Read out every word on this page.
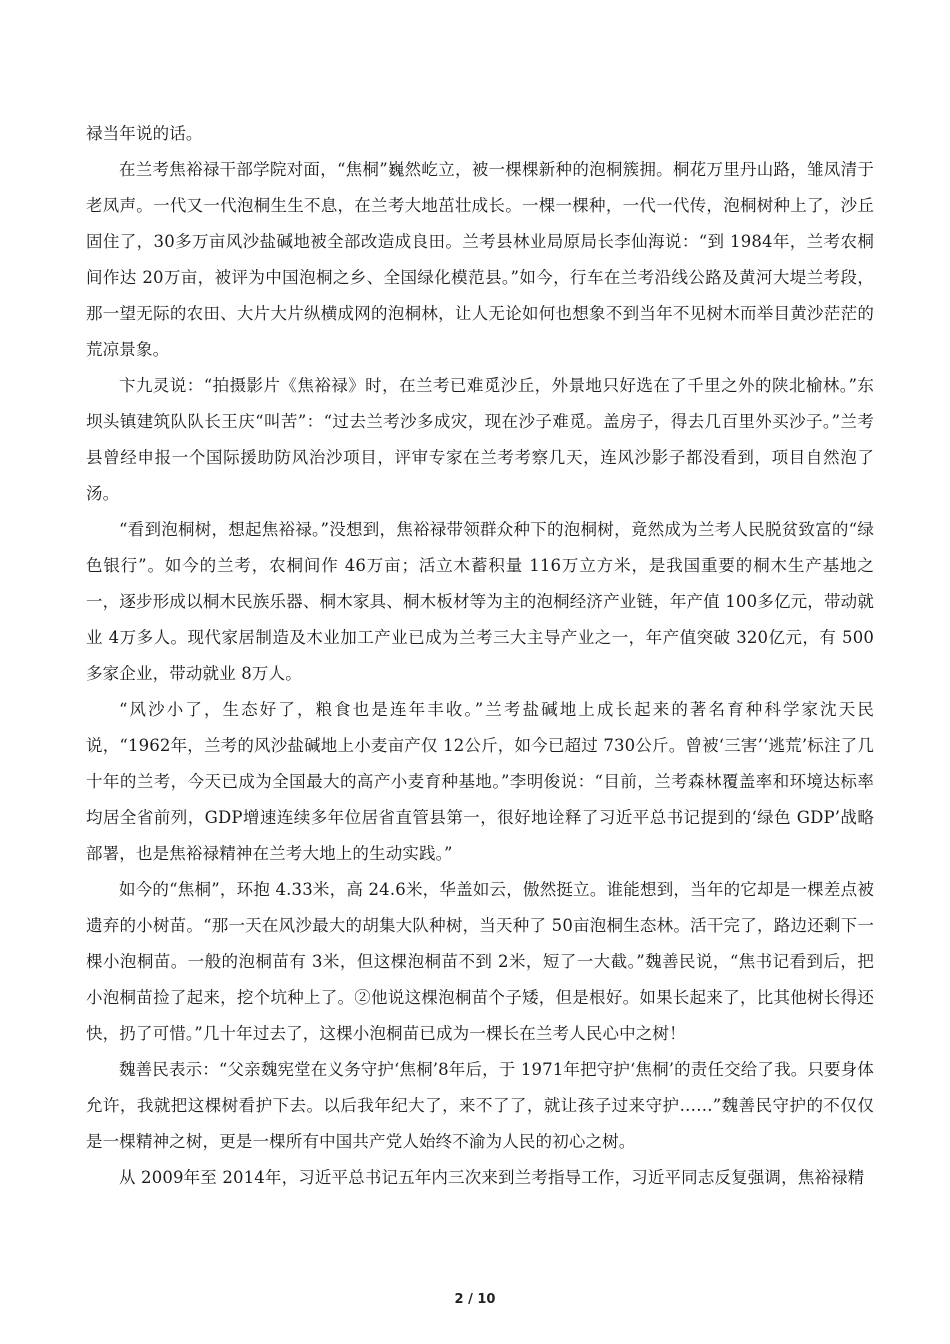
禄当年说的话。

在兰考焦裕禄干部学院对面，“焦桐”巍然屹立，被一棵棵新种的泡桐簇拥。桐花万里丹山路，雏凤清于老凤声。一代又一代泡桐生生不息，在兰考大地茁壮成长。一棵一棵种，一代一代传，泡桐树种上了，沙丘固住了，30多万亩风沙盐碱地被全部改造成良田。兰考县林业局原局长李仙海说：“到 1984年，兰考农桐间作达 20万亩，被评为中国泡桐之乡、全国绿化模范县。”如今，行车在兰考沿线公路及黄河大堤兰考段，那一望无际的农田、大片大片纵横成网的泡桐林，让人无论如何也想象不到当年不见树木而举目黄沙茫茫的荒凉景象。

卞九灵说：“拍摄影片《焦裕禄》时，在兰考已难觅沙丘，外景地只好选在了千里之外的陕北榆林。”东坝头镇建筑队队长王庆“叫苦”：“过去兰考沙多成灾，现在沙子难觅。盖房子，得去几百里外买沙子。”兰考县曾经申报一个国际援助防风治沙项目，评审专家在兰考考察几天，连风沙影子都没看到，项目自然泡了汤。

“看到泡桐树，想起焦裕禄。”没想到，焦裕禄带领群众种下的泡桐树，竟然成为兰考人民脱贫致富的“绿色银行”。如今的兰考，农桐间作 46万亩；活立木蓄积量 116万立方米，是我国重要的桐木生产基地之一，逐步形成以桐木民族乐器、桐木家具、桐木板材等为主的泡桐经济产业链，年产值 100多亿元，带动就业 4万多人。现代家居制造及木业加工产业已成为兰考三大主导产业之一，年产值突破 320亿元，有 500多家企业，带动就业 8万人。

“风沙小了，生态好了，粮食也是连年丰收。”兰考盐碱地上成长起来的著名育种科学家沈天民说，“1962年，兰考的风沙盐碱地上小麦亩产仅 12公斤，如今已超过 730公斤。曾被‘三害’‘逃荒’标注了几十年的兰考，今天已成为全国最大的高产小麦育种基地。”李明俊说：“目前，兰考森林覆盖率和环境达标率均居全省前列，GDP增速连续多年位居省直管县第一，很好地诠释了习近平总书记提到的‘绿色 GDP’战略部署，也是焦裕禄精神在兰考大地上的生动实践。”

如今的“焦桐”，环抱 4.33米，高 24.6米，华盖如云，傲然挺立。谁能想到，当年的它却是一棵差点被遗弃的小树苗。“那一天在风沙最大的胡集大队种树，当天种了 50亩泡桐生态林。活干完了，路边还剩下一棵小泡桐苗。一般的泡桐苗有 3米，但这棵泡桐苗不到 2米，短了一大截。”魏善民说，“焦书记看到后，把小泡桐苗捡了起来，挖个坑种上了。②他说这棵泡桐苗个子矮，但是根好。如果长起来了，比其他树长得还快，扔了可惜。”几十年过去了，这棵小泡桐苗已成为一棵长在兰考人民心中之树！

魏善民表示：“父亲魏宪堂在义务守护‘焦桐’8年后，于 1971年把守护‘焦桐’的责任交给了我。只要身体允许，我就把这棵树看护下去。以后我年纪大了，来不了了，就让孩子过来守护……”魏善民守护的不仅仅是一棵精神之树，更是一棵所有中国共产党人始终不渝为人民的初心之树。

从 2009年至 2014年，习近平总书记五年内三次来到兰考指导工作，习近平同志反复强调，焦裕禄精

2 / 10
